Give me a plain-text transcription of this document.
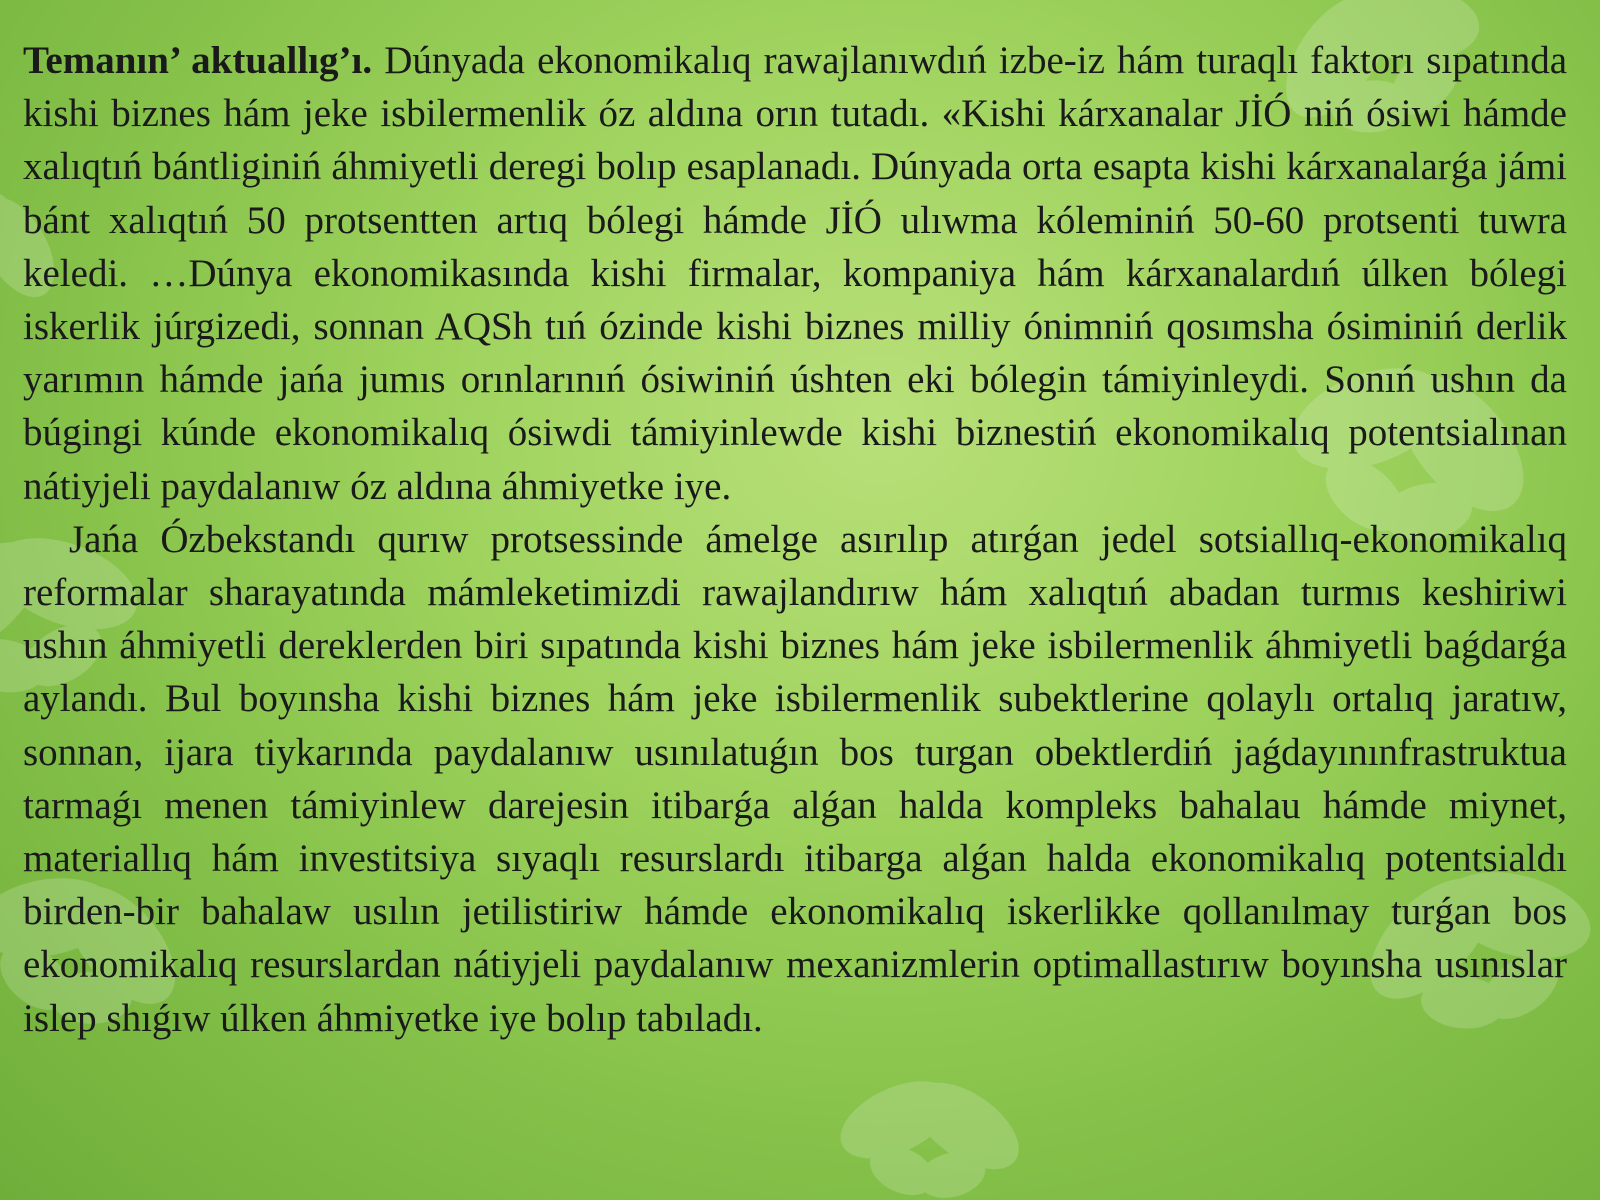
Temanın’ aktuallıg’ı. Dúnyada ekonomikalıq rawajlanıwdıń izbe-iz hám turaqlı faktorı sıpatında kishi biznes hám jeke isbilermenlik óz aldına orın tutadı. «Kishi kárxanalar JİÓ niń ósiwi hámde xalıqtıń bántliginiń áhmiyetli deregi bolıp esaplanadı. Dúnyada orta esapta kishi kárxanalarǵa jámi bánt xalıqtıń 50 protsentten artıq bólegi hámde JİÓ ulıwma kóleminiń 50-60 protsenti tuwra keledi. …Dúnya ekonomikasında kishi firmalar, kompaniya hám kárxanalardıń úlken bólegi iskerlik júrgizedi, sonnan AQSh tıń ózinde kishi biznes milliy ónimniń qosımsha ósiminiń derlik yarımın hámde jańa jumıs orınlarınıń ósiwiniń úshten eki bólegin támiyinleydi. Sonıń ushın da búgingi kúnde ekonomikalıq ósiwdi támiyinlewde kishi biznestiń ekonomikalıq potentsialınan nátiyjeli paydalanıw óz aldına áhmiyetke iye.

Jańa Ózbekstandı qurıw protsessinde ámelge asırılıp atırǵan jedel sotsiallıq-ekonomikalıq reformalar sharayatında mámleketimizdi rawajlandırıw hám xalıqtıń abadan turmıs keshiriwi ushın áhmiyetli dereklerden biri sıpatında kishi biznes hám jeke isbilermenlik áhmiyetli baǵdarǵa aylandı. Bul boyınsha kishi biznes hám jeke isbilermenlik subektlerine qolaylı ortalıq jaratıw, sonnan, ijara tiykarında paydalanıw usınılatuǵın bos turgan obektlerdiń jaǵdayınınfrastruktua tarmaǵı menen támiyinlew darejesin itibarǵa alǵan halda kompleks bahalau hámde miynet, materiallıq hám investitsiya sıyaqlı resurslardı itibarga alǵan halda ekonomikalıq potentsialdı birden-bir bahalaw usılın jetilistiriw hámde ekonomikalıq iskerlikke qollanılmay turǵan bos ekonomikalıq resurslardan nátiyjeli paydalanıw mexanizmlerin optimallastırıw boyınsha usınıslar islep shıǵıw úlken áhmiyetke iye bolıp tabıladı.
